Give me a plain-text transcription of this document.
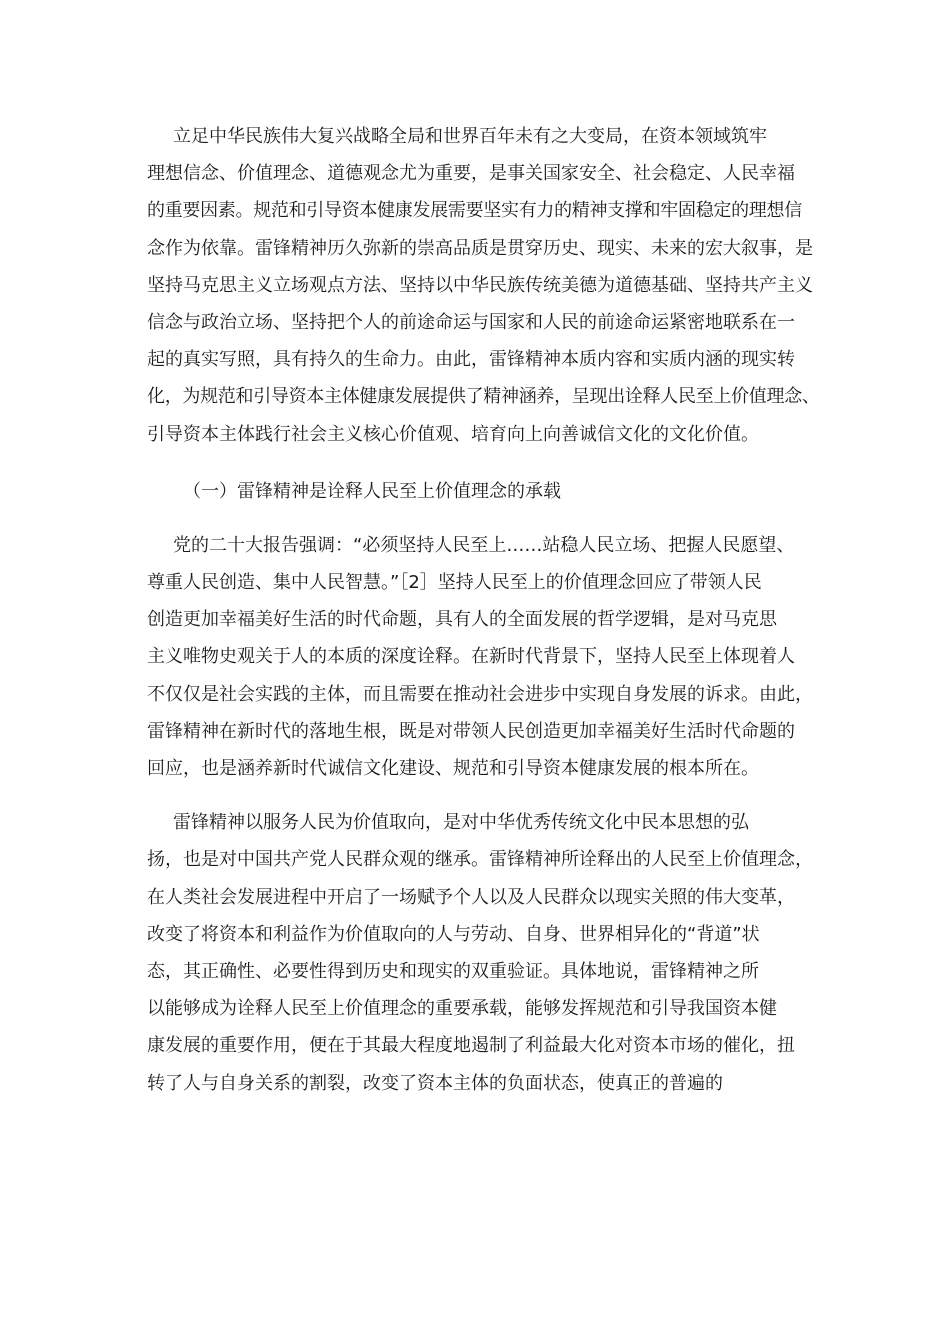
立足中华民族伟大复兴战略全局和世界百年未有之大变局，在资本领域筑牢
理想信念、价值理念、道德观念尤为重要，是事关国家安全、社会稳定、人民幸福
的重要因素。规范和引导资本健康发展需要坚实有力的精神支撑和牢固稳定的理想信
念作为依靠。雷锋精神历久弥新的崇高品质是贯穿历史、现实、未来的宏大叙事，是
坚持马克思主义立场观点方法、坚持以中华民族传统美德为道德基础、坚持共产主义
信念与政治立场、坚持把个人的前途命运与国家和人民的前途命运紧密地联系在一
起的真实写照，具有持久的生命力。由此，雷锋精神本质内容和实质内涵的现实转
化，为规范和引导资本主体健康发展提供了精神涵养，呈现出诠释人民至上价值理念、
引导资本主体践行社会主义核心价值观、培育向上向善诚信文化的文化价值。

（一）雷锋精神是诠释人民至上价值理念的承载

党的二十大报告强调：“必须坚持人民至上……站稳人民立场、把握人民愿望、
尊重人民创造、集中人民智慧。”［2］坚持人民至上的价值理念回应了带领人民
创造更加幸福美好生活的时代命题，具有人的全面发展的哲学逻辑，是对马克思
主义唯物史观关于人的本质的深度诠释。在新时代背景下，坚持人民至上体现着人
不仅仅是社会实践的主体，而且需要在推动社会进步中实现自身发展的诉求。由此，
雷锋精神在新时代的落地生根，既是对带领人民创造更加幸福美好生活时代命题的
回应，也是涵养新时代诚信文化建设、规范和引导资本健康发展的根本所在。

雷锋精神以服务人民为价值取向，是对中华优秀传统文化中民本思想的弘
扬，也是对中国共产党人民群众观的继承。雷锋精神所诠释出的人民至上价值理念，
在人类社会发展进程中开启了一场赋予个人以及人民群众以现实关照的伟大变革，
改变了将资本和利益作为价值取向的人与劳动、自身、世界相异化的“背道”状
态，其正确性、必要性得到历史和现实的双重验证。具体地说，雷锋精神之所
以能够成为诠释人民至上价值理念的重要承载，能够发挥规范和引导我国资本健
康发展的重要作用，便在于其最大程度地遏制了利益最大化对资本市场的催化，扭
转了人与自身关系的割裂，改变了资本主体的负面状态，使真正的普遍的
